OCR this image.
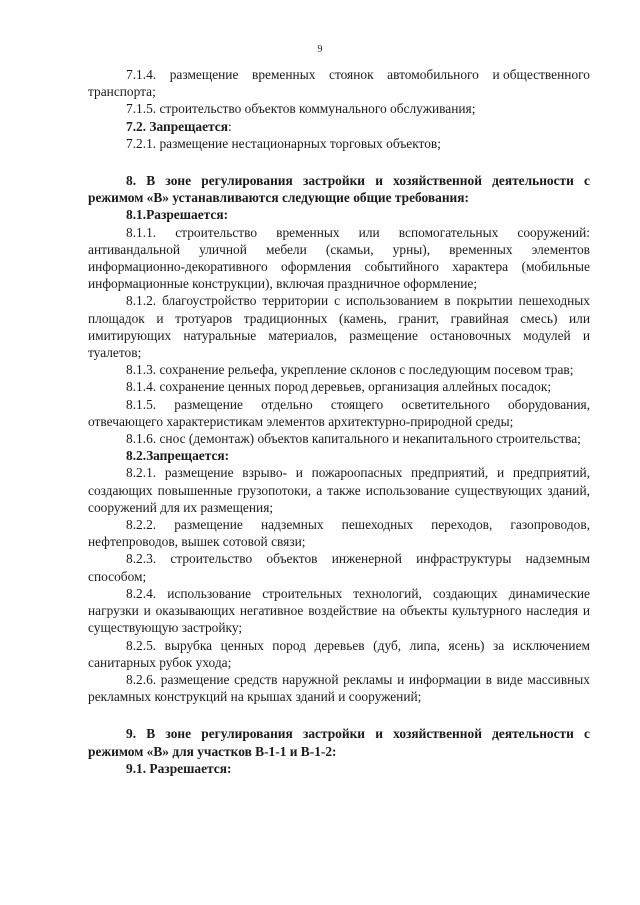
9

7.1.4.    размещение    временных    стоянок    автомобильного    и общественного транспорта;

7.1.5. строительство объектов коммунального обслуживания;

7.2. Запрещается:

7.2.1. размещение нестационарных торговых объектов;

8. В зоне регулирования застройки и хозяйственной деятельности с режимом «В» устанавливаются следующие общие требования:

8.1.Разрешается:

8.1.1. строительство временных или вспомогательных сооружений: антивандальной уличной мебели (скамьи, урны), временных элементов информационно-декоративного оформления событийного характера (мобильные информационные конструкции), включая праздничное оформление;

8.1.2. благоустройство территории с использованием в покрытии пешеходных площадок и тротуаров традиционных (камень, гранит, гравийная смесь) или имитирующих натуральные материалов, размещение остановочных модулей и туалетов;

8.1.3. сохранение рельефа, укрепление склонов с последующим посевом трав;

8.1.4. сохранение ценных пород деревьев, организация аллейных посадок;

8.1.5. размещение отдельно стоящего осветительного оборудования, отвечающего характеристикам элементов архитектурно-природной среды;

8.1.6. снос (демонтаж) объектов капитального и некапитального строительства;

8.2.Запрещается:

8.2.1. размещение взрыво- и пожароопасных предприятий, и предприятий, создающих повышенные грузопотоки, а также использование существующих зданий, сооружений для их размещения;

8.2.2. размещение надземных пешеходных переходов, газопроводов, нефтепроводов, вышек сотовой связи;

8.2.3. строительство объектов инженерной инфраструктуры надземным способом;

8.2.4. использование строительных технологий, создающих динамические нагрузки и оказывающих негативное воздействие на объекты культурного наследия и существующую застройку;

8.2.5. вырубка ценных пород деревьев (дуб, липа, ясень) за исключением санитарных рубок ухода;

8.2.6. размещение средств наружной рекламы и информации в виде массивных рекламных конструкций на крышах зданий и сооружений;

9. В зоне регулирования застройки и хозяйственной деятельности с режимом «В» для участков В-1-1 и В-1-2:

9.1. Разрешается:
